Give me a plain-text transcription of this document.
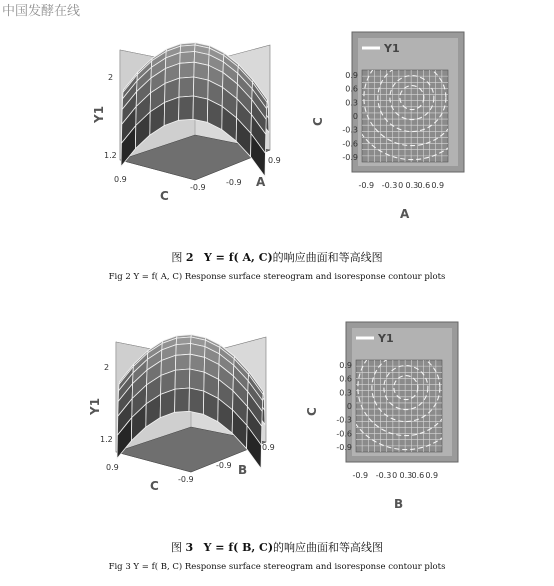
中国发酵在线
2
1.2
Y1
0.9
-0.9
C
-0.9
0.9
A
Y1
0.9
0.6
0.3
0
-0.3
-0.6
-0.9
-0.9 -0.3 0 0.3 0.6 0.9
C
A
图 2 Y = f( A, C)的响应曲面和等高线图
Fig 2 Y = f( A, C) Response surface stereogram and isoresponse contour plots
2
1.2
Y1
0.9
-0.9
C
-0.9
0.9
B
Y1
0.9
0.6
0.3
0
-0.3
-0.6
-0.9
-0.9 -0.3 0 0.3 0.6 0.9
C
B
图 3 Y = f( B, C)的响应曲面和等高线图
Fig 3 Y = f( B, C) Response surface stereogram and isoresponse contour plots
